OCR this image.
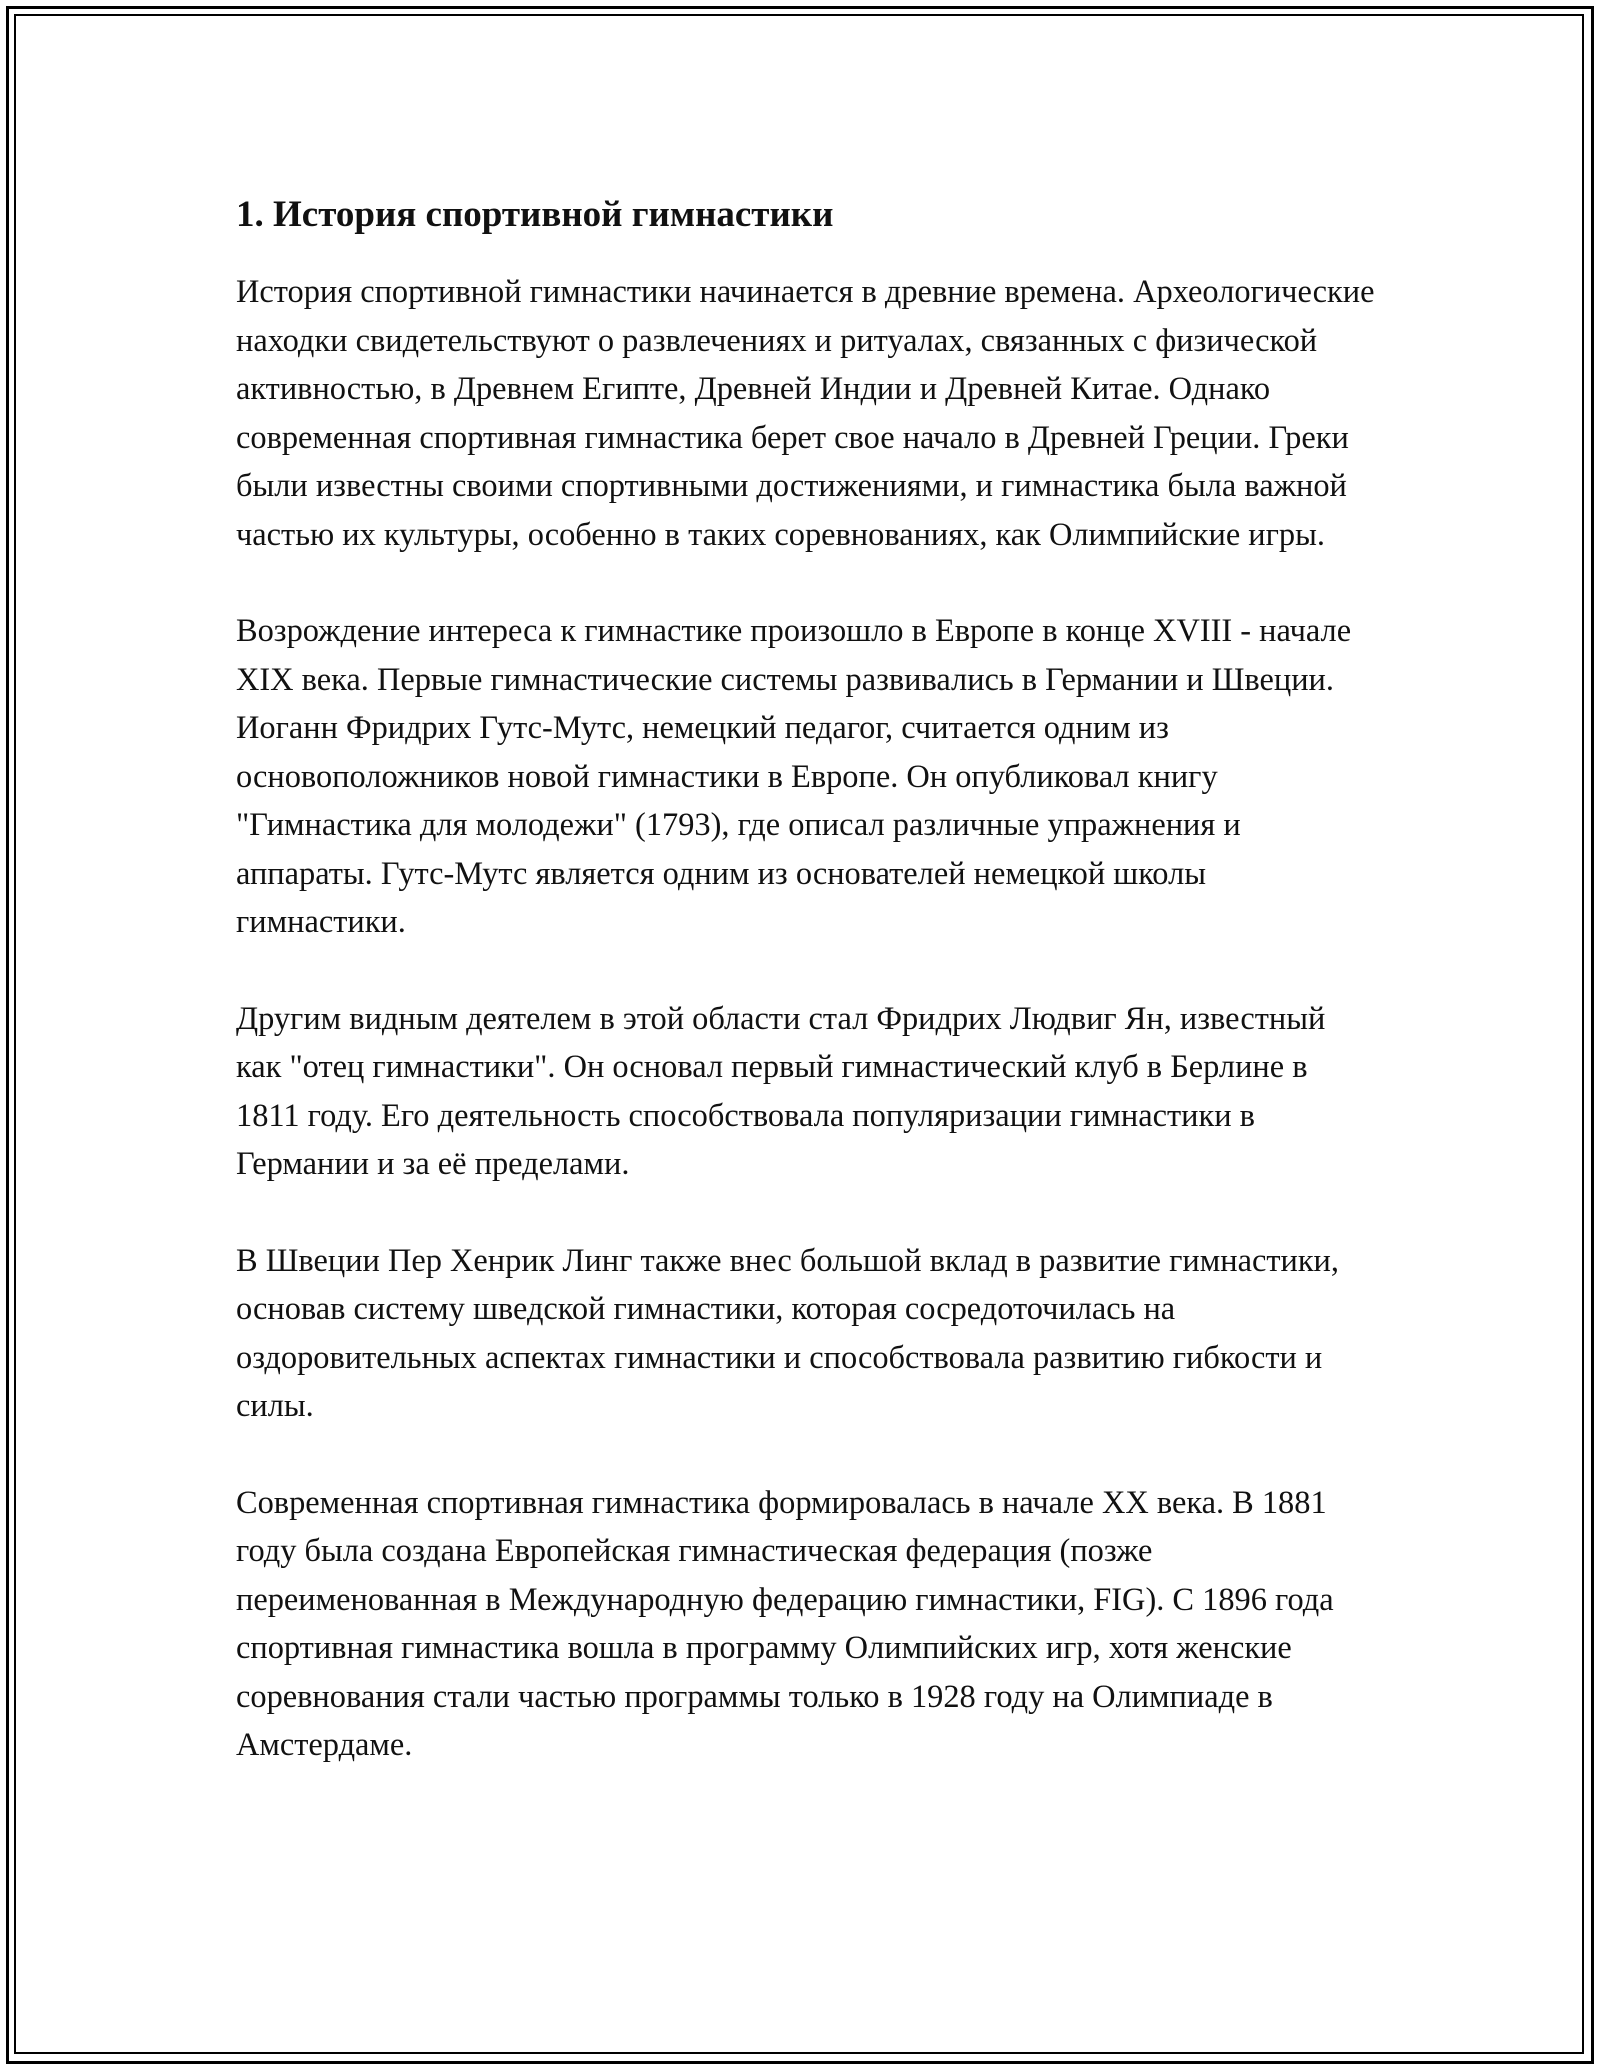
1. История спортивной гимнастики

История спортивной гимнастики начинается в древние времена. Археологические находки свидетельствуют о развлечениях и ритуалах, связанных с физической активностью, в Древнем Египте, Древней Индии и Древней Китае. Однако современная спортивная гимнастика берет свое начало в Древней Греции. Греки были известны своими спортивными достижениями, и гимнастика была важной частью их культуры, особенно в таких соревнованиях, как Олимпийские игры.

Возрождение интереса к гимнастике произошло в Европе в конце XVIII - начале XIX века. Первые гимнастические системы развивались в Германии и Швеции. Иоганн Фридрих Гутс-Мутс, немецкий педагог, считается одним из основоположников новой гимнастики в Европе. Он опубликовал книгу "Гимнастика для молодежи" (1793), где описал различные упражнения и аппараты. Гутс-Мутс является одним из основателей немецкой школы гимнастики.

Другим видным деятелем в этой области стал Фридрих Людвиг Ян, известный как "отец гимнастики". Он основал первый гимнастический клуб в Берлине в 1811 году. Его деятельность способствовала популяризации гимнастики в Германии и за её пределами.

В Швеции Пер Хенрик Линг также внес большой вклад в развитие гимнастики, основав систему шведской гимнастики, которая сосредоточилась на оздоровительных аспектах гимнастики и способствовала развитию гибкости и силы.

Современная спортивная гимнастика формировалась в начале XX века. В 1881 году была создана Европейская гимнастическая федерация (позже переименованная в Международную федерацию гимнастики, FIG). С 1896 года спортивная гимнастика вошла в программу Олимпийских игр, хотя женские соревнования стали частью программы только в 1928 году на Олимпиаде в Амстердаме.
